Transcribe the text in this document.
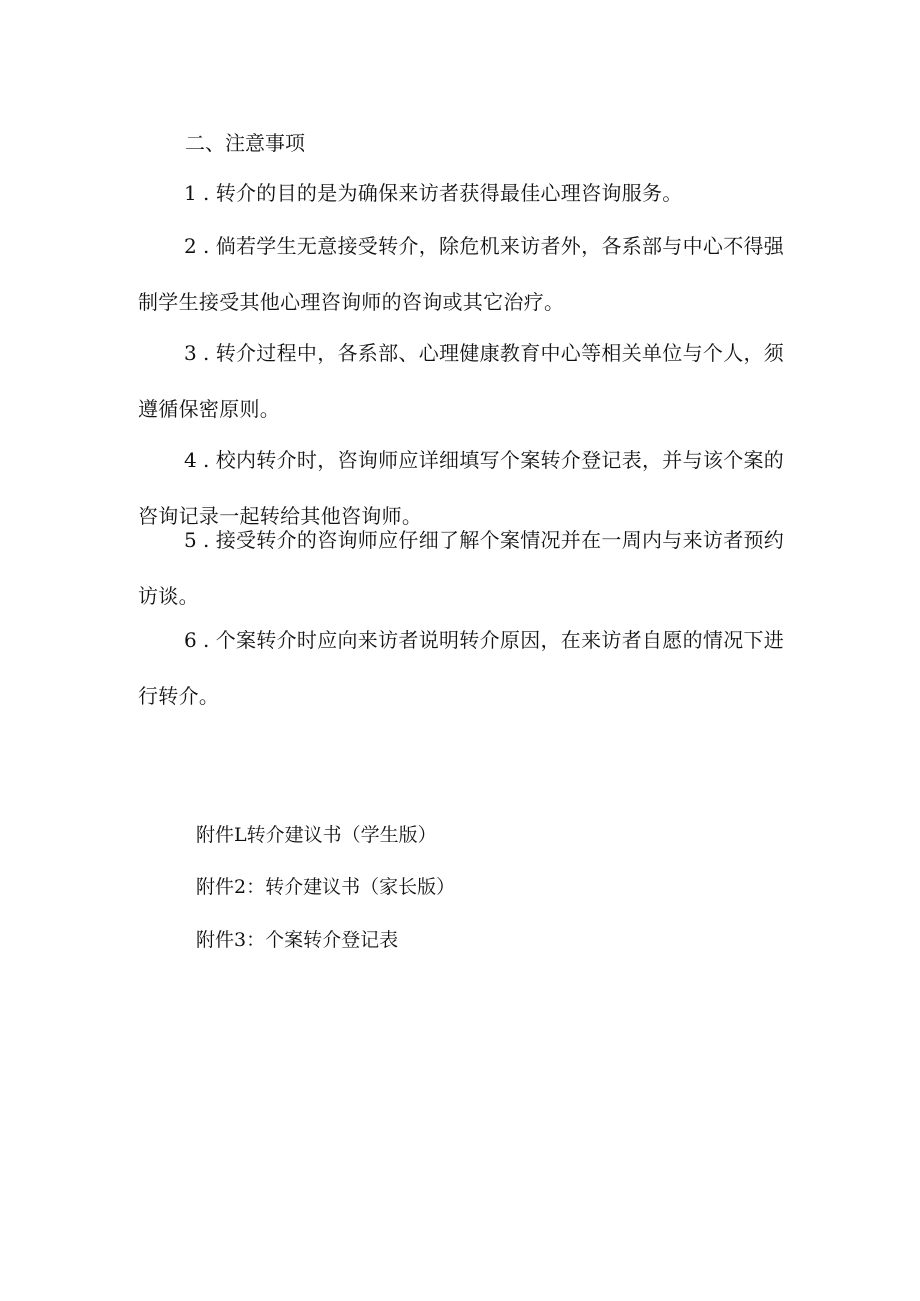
二、注意事项

1 . 转介的目的是为确保来访者获得最佳心理咨询服务。

2 . 倘若学生无意接受转介，除危机来访者外，各系部与中心不得强制学生接受其他心理咨询师的咨询或其它治疗。

3 . 转介过程中，各系部、心理健康教育中心等相关单位与个人，须遵循保密原则。

4 . 校内转介时，咨询师应详细填写个案转介登记表，并与该个案的咨询记录一起转给其他咨询师。

5 . 接受转介的咨询师应仔细了解个案情况并在一周内与来访者预约访谈。

6 . 个案转介时应向来访者说明转介原因，在来访者自愿的情况下进行转介。

附件L转介建议书（学生版）
附件2：转介建议书（家长版）
附件3：个案转介登记表
